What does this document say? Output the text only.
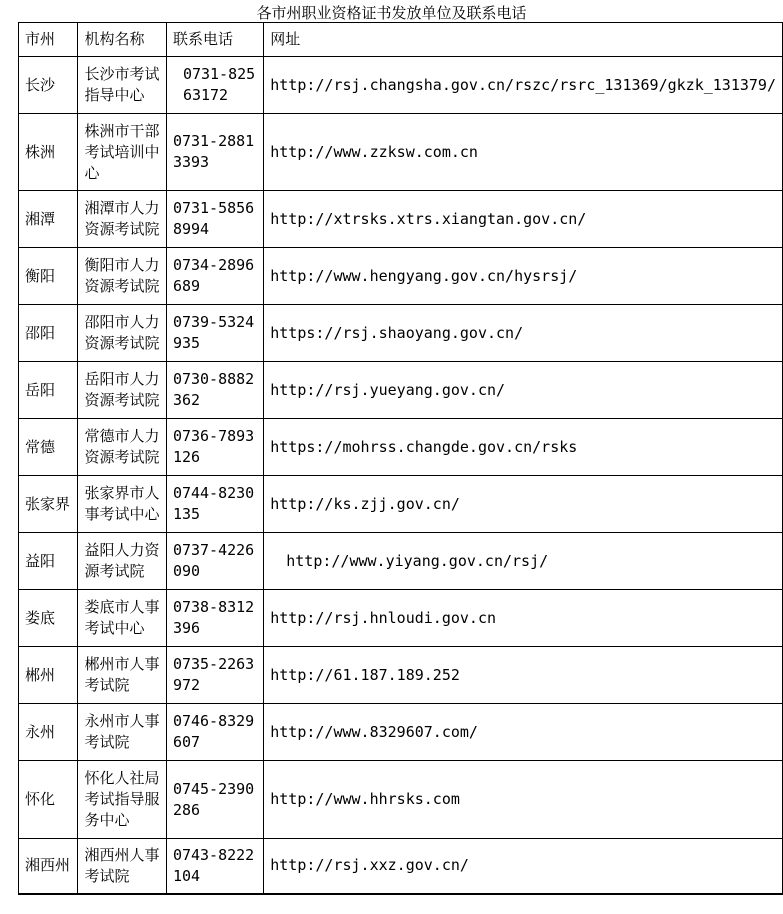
各市州职业资格证书发放单位及联系电话
市州	机构名称	联系电话	网址
长沙	长沙市考试指导中心	0731-82563172	http://rsj.changsha.gov.cn/rszc/rsrc_131369/gkzk_131379/
株洲	株洲市干部考试培训中心	0731-28813393	http://www.zzksw.com.cn
湘潭	湘潭市人力资源考试院	0731-58568994	http://xtrsks.xtrs.xiangtan.gov.cn/
衡阳	衡阳市人力资源考试院	0734-2896689	http://www.hengyang.gov.cn/hysrsj/
邵阳	邵阳市人力资源考试院	0739-5324935	https://rsj.shaoyang.gov.cn/
岳阳	岳阳市人力资源考试院	0730-8882362	http://rsj.yueyang.gov.cn/
常德	常德市人力资源考试院	0736-7893126	https://mohrss.changde.gov.cn/rsks
张家界	张家界市人事考试中心	0744-8230135	http://ks.zjj.gov.cn/
益阳	益阳人力资源考试院	0737-4226090	http://www.yiyang.gov.cn/rsj/
娄底	娄底市人事考试中心	0738-8312396	http://rsj.hnloudi.gov.cn
郴州	郴州市人事考试院	0735-2263972	http://61.187.189.252
永州	永州市人事考试院	0746-8329607	http://www.8329607.com/
怀化	怀化人社局考试指导服务中心	0745-2390286	http://www.hhrsks.com
湘西州	湘西州人事考试院	0743-8222104	http://rsj.xxz.gov.cn/
